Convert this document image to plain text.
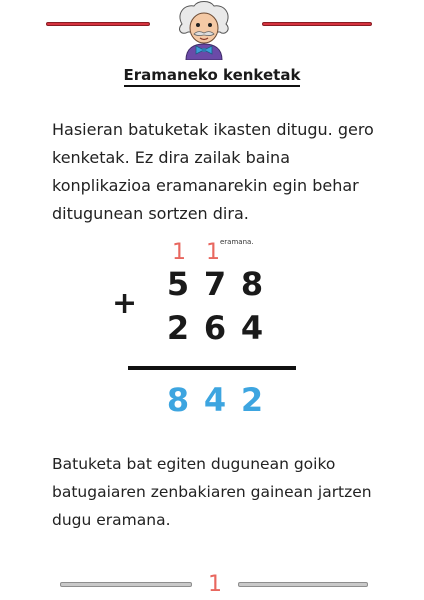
Eramaneko kenketak
Hasieran batuketak ikasten ditugu. gero kenketak. Ez dira zailak baina konplikazioa eramanarekin egin behar ditugunean sortzen dira.
1 1 eramana.
+
5 7 8
2 6 4
8 4 2
Batuketa bat egiten dugunean goiko batugaiaren zenbakiaren gainean jartzen dugu eramana.
1
